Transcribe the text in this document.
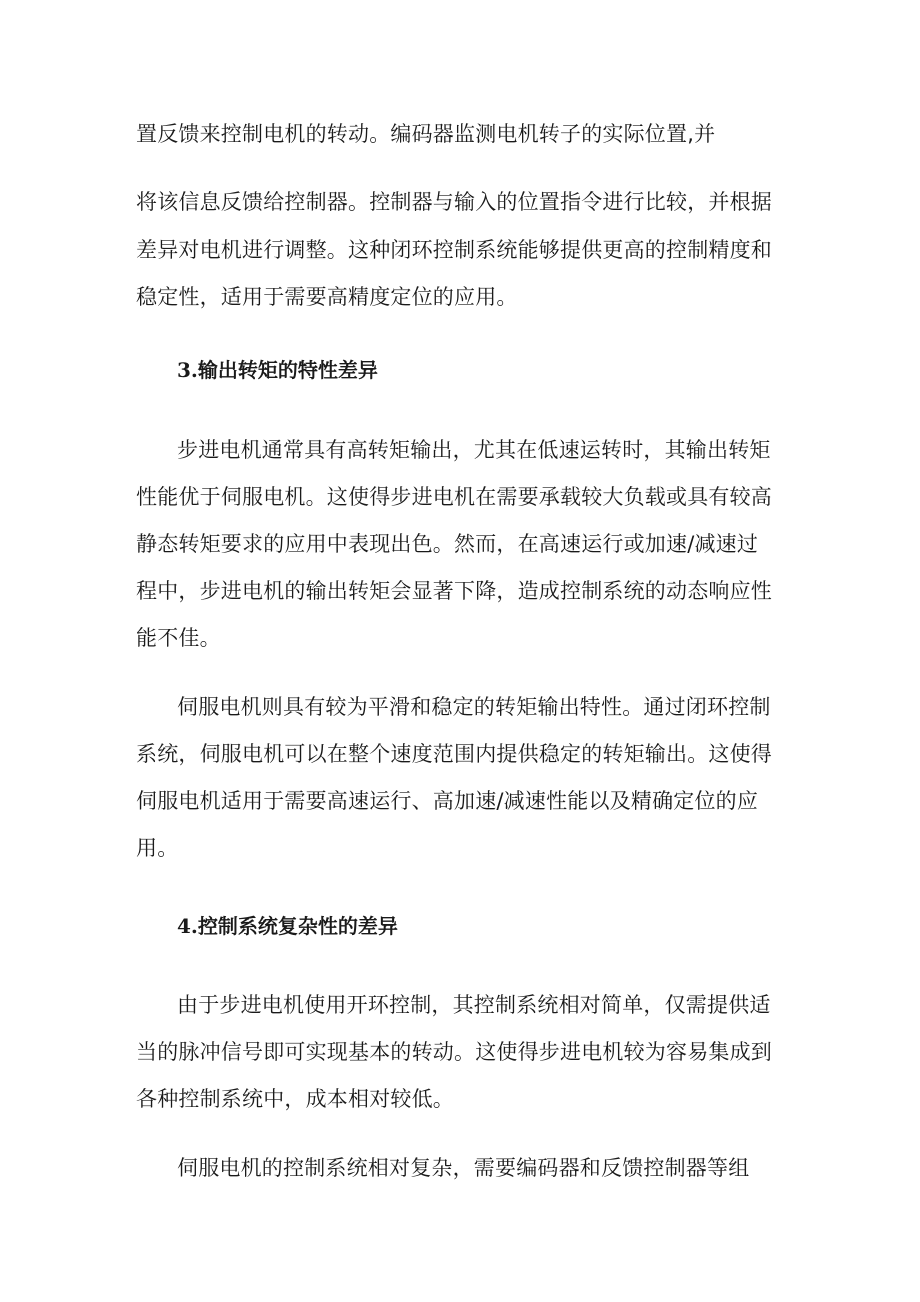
置反馈来控制电机的转动。编码器监测电机转子的实际位置,并
将该信息反馈给控制器。控制器与输入的位置指令进行比较，并根据
差异对电机进行调整。这种闭环控制系统能够提供更高的控制精度和
稳定性，适用于需要高精度定位的应用。
3.输出转矩的特性差异
步进电机通常具有高转矩输出，尤其在低速运转时，其输出转矩
性能优于伺服电机。这使得步进电机在需要承载较大负载或具有较高
静态转矩要求的应用中表现出色。然而，在高速运行或加速/减速过
程中，步进电机的输出转矩会显著下降，造成控制系统的动态响应性
能不佳。
伺服电机则具有较为平滑和稳定的转矩输出特性。通过闭环控制
系统，伺服电机可以在整个速度范围内提供稳定的转矩输出。这使得
伺服电机适用于需要高速运行、高加速/减速性能以及精确定位的应
用。
4.控制系统复杂性的差异
由于步进电机使用开环控制，其控制系统相对简单，仅需提供适
当的脉冲信号即可实现基本的转动。这使得步进电机较为容易集成到
各种控制系统中，成本相对较低。
伺服电机的控制系统相对复杂，需要编码器和反馈控制器等组
